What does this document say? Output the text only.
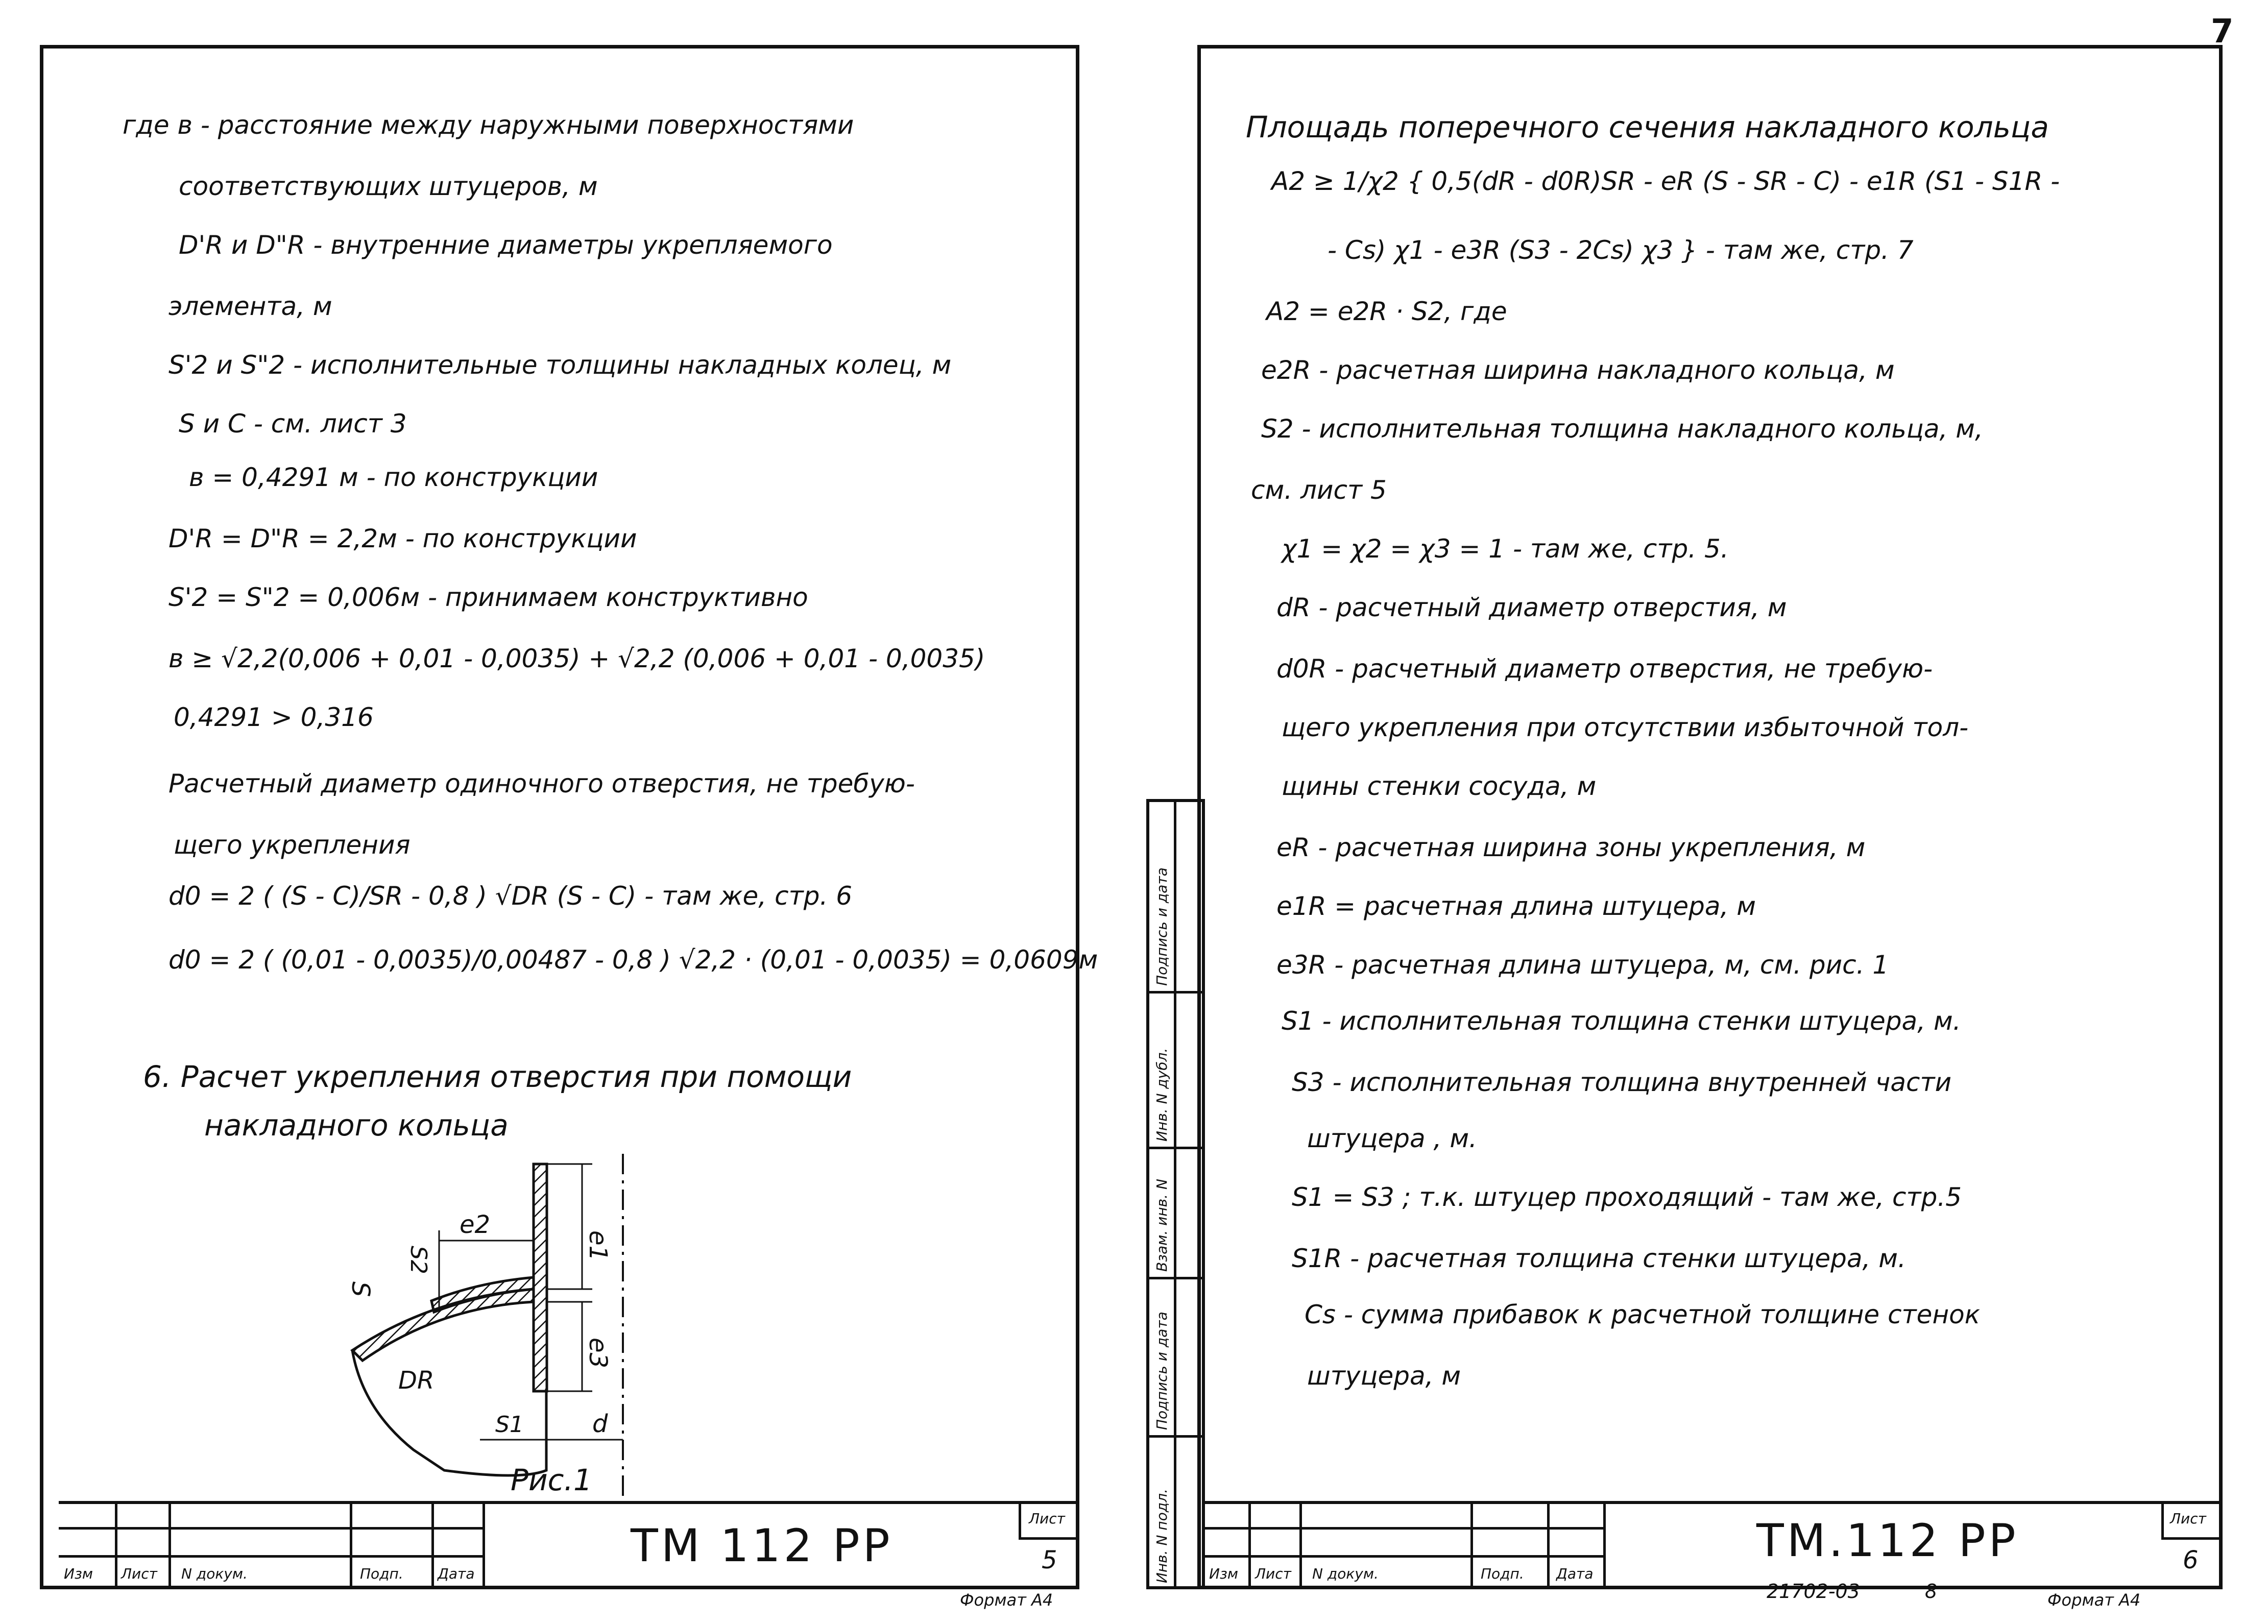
7
где в - расстояние между наружными поверхностями
соответствующих штуцеров, м
D'R и D"R - внутренние диаметры укрепляемого
элемента, м
S'2 и S"2 - исполнительные толщины накладных колец, м
S и C - см. лист 3
в = 0,4291 м - по конструкции
D'R = D"R = 2,2м - по конструкции
S'2 = S"2 = 0,006м - принимаем конструктивно
в ≥ √2,2(0,006 + 0,01 - 0,0035) + √2,2 (0,006 + 0,01 - 0,0035)
0,4291 > 0,316
Расчетный диаметр одиночного отверстия, не требую-
щего укрепления
d0 = 2 ( (S - C)/SR - 0,8 ) √DR (S - C) - там же, стр. 6
d0 = 2 ( (0,01 - 0,0035)/0,00487 - 0,8 ) √2,2 · (0,01 - 0,0035) = 0,0609м
6. Расчет укрепления отверстия при помощи
накладного кольца
e2
e1
e3
S2
S
DR
S1	d
Рис.1
Изм Лист N докум.	Подп. Дата
ТМ 112 РР
Лист
5
Формат А4
Инв. N подл.
Подпись и дата
Взам. инв. N
Инв. N дубл.
Подпись и дата
Площадь поперечного сечения накладного кольца
A2 ≥ 1/χ2 { 0,5(dR - d0R)SR - eR (S - SR - C) - e1R (S1 - S1R -
- Cs) χ1 - e3R (S3 - 2Cs) χ3 } - там же, стр. 7
A2 = e2R · S2, где
e2R - расчетная ширина накладного кольца, м
S2 - исполнительная толщина накладного кольца, м,
см. лист 5
χ1 = χ2 = χ3 = 1 - там же, стр. 5.
dR - расчетный диаметр отверстия, м
d0R - расчетный диаметр отверстия, не требую-
щего укрепления при отсутствии избыточной тол-
щины стенки сосуда, м
eR - расчетная ширина зоны укрепления, м
e1R = расчетная длина штуцера, м
e3R - расчетная длина штуцера, м, см. рис. 1
S1 - исполнительная толщина стенки штуцера, м.
S3 - исполнительная толщина внутренней части
штуцера , м.
S1 = S3 ; т.к. штуцер проходящий - там же, стр.5
S1R - расчетная толщина стенки штуцера, м.
Cs - сумма прибавок к расчетной толщине стенок
штуцера, м
Изм Лист N докум.	Подп. Дата
ТМ.112 РР	Лист
6
21702-03	8	Формат А4
